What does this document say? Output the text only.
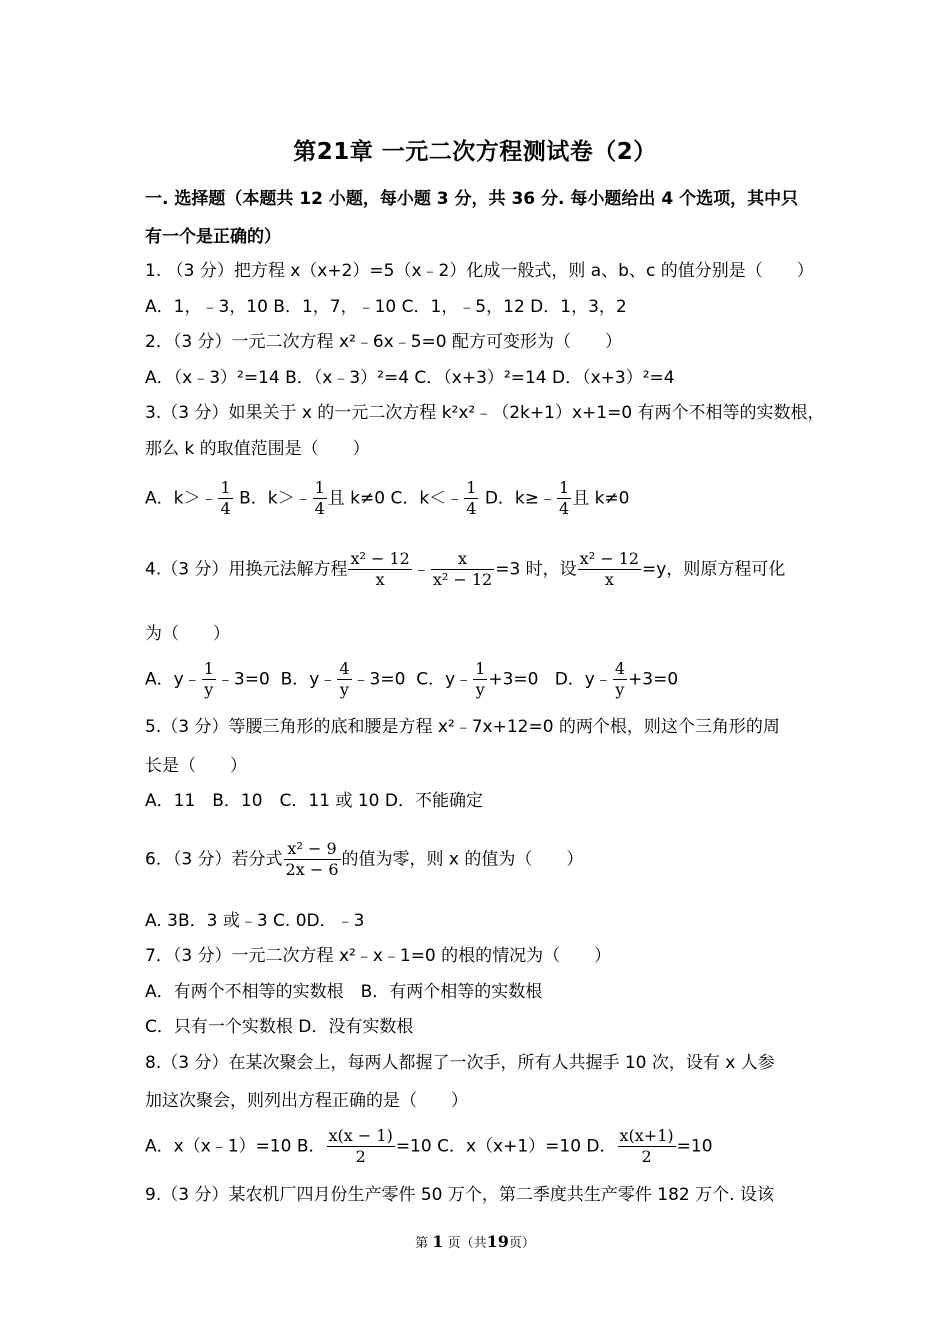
第21章 一元二次方程测试卷（2）
一. 选择题（本题共 12 小题，每小题 3 分，共 36 分. 每小题给出 4 个选项，其中只
有一个是正确的）
1. （3 分）把方程 x（x+2）=5（x﹣2）化成一般式，则 a、b、c 的值分别是（　　）
A．1，﹣3，10 B．1，7，﹣10 C．1，﹣5，12 D．1，3，2
2．（3 分）一元二次方程 x²﹣6x﹣5=0 配方可变形为（　　）
A．（x﹣3）²=14 B．（x﹣3）²=4 C．（x+3）²=14 D．（x+3）²=4
3.（3 分）如果关于 x 的一元二次方程 k²x²﹣（2k+1）x+1=0 有两个不相等的实数根，
那么 k 的取值范围是（　　）
A．k＞﹣ $\frac{1}{4}$ B．k＞﹣ $\frac{1}{4}$ 且 k≠0 C．k＜﹣ $\frac{1}{4}$ D．k≥﹣ $\frac{1}{4}$ 且 k≠0
4.（3 分）用换元法解方程 $\frac{\text{x² − 12}}{x}$ ﹣ $\frac{x}{\text{x² − 12}} =3$ 时，设 $\frac{\text{x² − 12}}{x} =y$，则原方程可化
为（　　）
A．y﹣ $\frac{1}{y}$ ﹣3=0 B．y﹣ $\frac{4}{y}$ ﹣3=0 C．y﹣ $\frac{1}{y} +3=0$ D．y﹣ $\frac{4}{y} +3=0$
5.（3 分）等腰三角形的底和腰是方程 x²﹣7x+12=0 的两个根，则这个三角形的周
长是（　　）
A．11　B．10　C．11 或 10 D．不能确定
6．（3 分）若分式 $\frac{\text{x² − 9}}{2x - 6}$ 的值为零，则 x 的值为（　　）
A. 3B．3 或﹣3 C. 0D．﹣3
7．（3 分）一元二次方程 x²﹣x﹣1=0 的根的情况为（　　）
A．有两个不相等的实数根　B．有两个相等的实数根
C．只有一个实数根 D．没有实数根
8.（3 分）在某次聚会上，每两人都握了一次手，所有人共握手 10 次，设有 x 人参
加这次聚会，则列出方程正确的是（　　）
A．x（x﹣1）=10 B． $\frac{x(x - 1)}{2} =10$ C．x（x+1）=10 D． $\frac{x(x+1)}{2} =10$
9.（3 分）某农机厂四月份生产零件 50 万个，第二季度共生产零件 182 万个. 设该
第 1 页（共19页）
